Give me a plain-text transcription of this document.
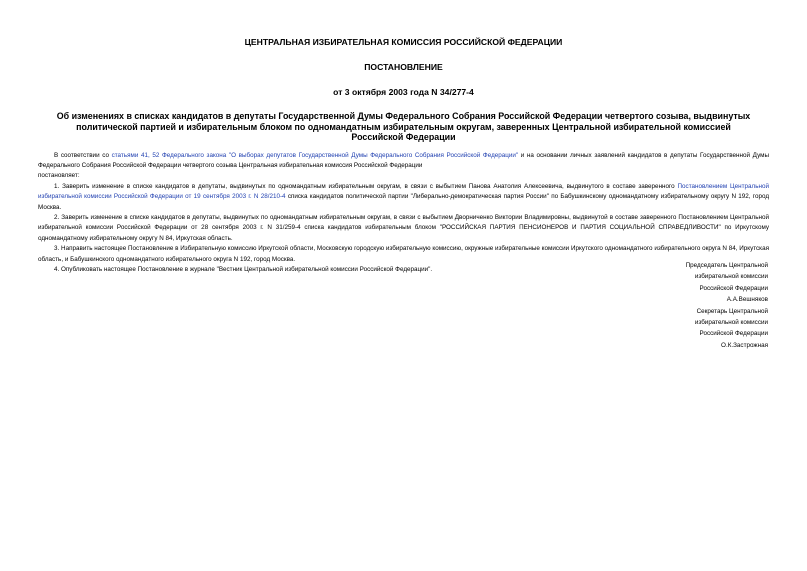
ЦЕНТРАЛЬНАЯ ИЗБИРАТЕЛЬНАЯ КОМИССИЯ РОССИЙСКОЙ ФЕДЕРАЦИИ

ПОСТАНОВЛЕНИЕ

от 3 октября 2003 года N 34/277-4

Об изменениях в списках кандидатов в депутаты Государственной Думы Федерального Собрания Российской Федерации четвертого созыва, выдвинутых политической партией и избирательным блоком по одномандатным избирательным округам, заверенных Центральной избирательной комиссией Российской Федерации

В соответствии со статьями 41, 52 Федерального закона "О выборах депутатов Государственной Думы Федерального Собрания Российской Федерации" и на основании личных заявлений кандидатов в депутаты Государственной Думы Федерального Собрания Российской Федерации четвертого созыва Центральная избирательная комиссия Российской Федерации

постановляет:

1. Заверить изменение в списке кандидатов в депутаты, выдвинутых по одномандатным избирательным округам, в связи с выбытием Панова Анатолия Алексеевича, выдвинутого в составе заверенного Постановлением Центральной избирательной комиссии Российской Федерации от 19 сентября 2003 г. N 28/210-4 списка кандидатов политической партии "Либерально-демократическая партия России" по Бабушкинскому одномандатному избирательному округу N 192, город Москва.

2. Заверить изменение в списке кандидатов в депутаты, выдвинутых по одномандатным избирательным округам, в связи с выбытием Дворниченко Виктории Владимировны, выдвинутой в составе заверенного Постановлением Центральной избирательной комиссии Российской Федерации от 28 сентября 2003 г. N 31/259-4 списка кандидатов избирательным блоком "РОССИЙСКАЯ ПАРТИЯ ПЕНСИОНЕРОВ И ПАРТИЯ СОЦИАЛЬНОЙ СПРАВЕДЛИВОСТИ" по Иркутскому одномандатному избирательному округу N 84, Иркутская область.

3. Направить настоящее Постановление в Избирательную комиссию Иркутской области, Московскую городскую избирательную комиссию, окружные избирательные комиссии Иркутского одномандатного избирательного округа N 84, Иркутская область, и Бабушкинского одномандатного избирательного округа N 192, город Москва.

4. Опубликовать настоящее Постановление в журнале "Вестник Центральной избирательной комиссии Российской Федерации".

Председатель Центральной
избирательной комиссии
Российской Федерации
А.А.Вешняков
Секретарь Центральной
избирательной комиссии
Российской Федерации
О.К.Застрожная
